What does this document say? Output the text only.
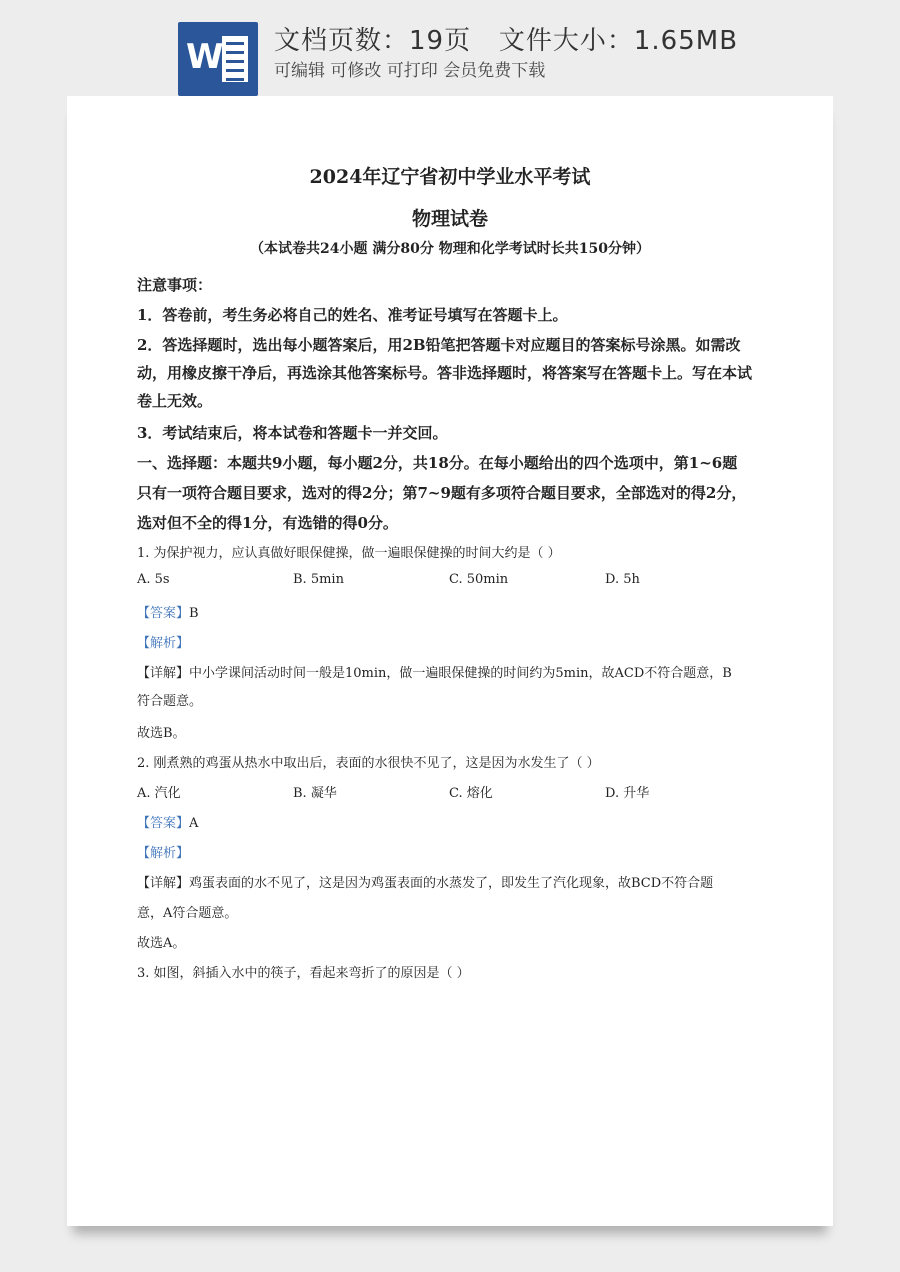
W 文档页数：19页   文件大小：1.65MB
可编辑 可修改 可打印 会员免费下载
2024年辽宁省初中学业水平考试
物理试卷
（本试卷共24小题 满分80分 物理和化学考试时长共150分钟）
注意事项：
1．答卷前，考生务必将自己的姓名、准考证号填写在答题卡上。
2．答选择题时，选出每小题答案后，用2B铅笔把答题卡对应题目的答案标号涂黑。如需改
动，用橡皮擦干净后，再选涂其他答案标号。答非选择题时，将答案写在答题卡上。写在本试
卷上无效。
3．考试结束后，将本试卷和答题卡一并交回。
一、选择题：本题共9小题，每小题2分，共18分。在每小题给出的四个选项中，第1~6题
只有一项符合题目要求，选对的得2分；第7~9题有多项符合题目要求，全部选对的得2分，
选对但不全的得1分，有选错的得0分。
1. 为保护视力，应认真做好眼保健操，做一遍眼保健操的时间大约是（ ）
A. 5s	B. 5min	C. 50min	D. 5h
【答案】B
【解析】
【详解】中小学课间活动时间一般是10min，做一遍眼保健操的时间约为5min，故ACD不符合题意，B
符合题意。
故选B。
2. 刚煮熟的鸡蛋从热水中取出后，表面的水很快不见了，这是因为水发生了（ ）
A. 汽化	B. 凝华	C. 熔化	D. 升华
【答案】A
【解析】
【详解】鸡蛋表面的水不见了，这是因为鸡蛋表面的水蒸发了，即发生了汽化现象，故BCD不符合题
意，A符合题意。
故选A。
3. 如图，斜插入水中的筷子，看起来弯折了的原因是（ ）
